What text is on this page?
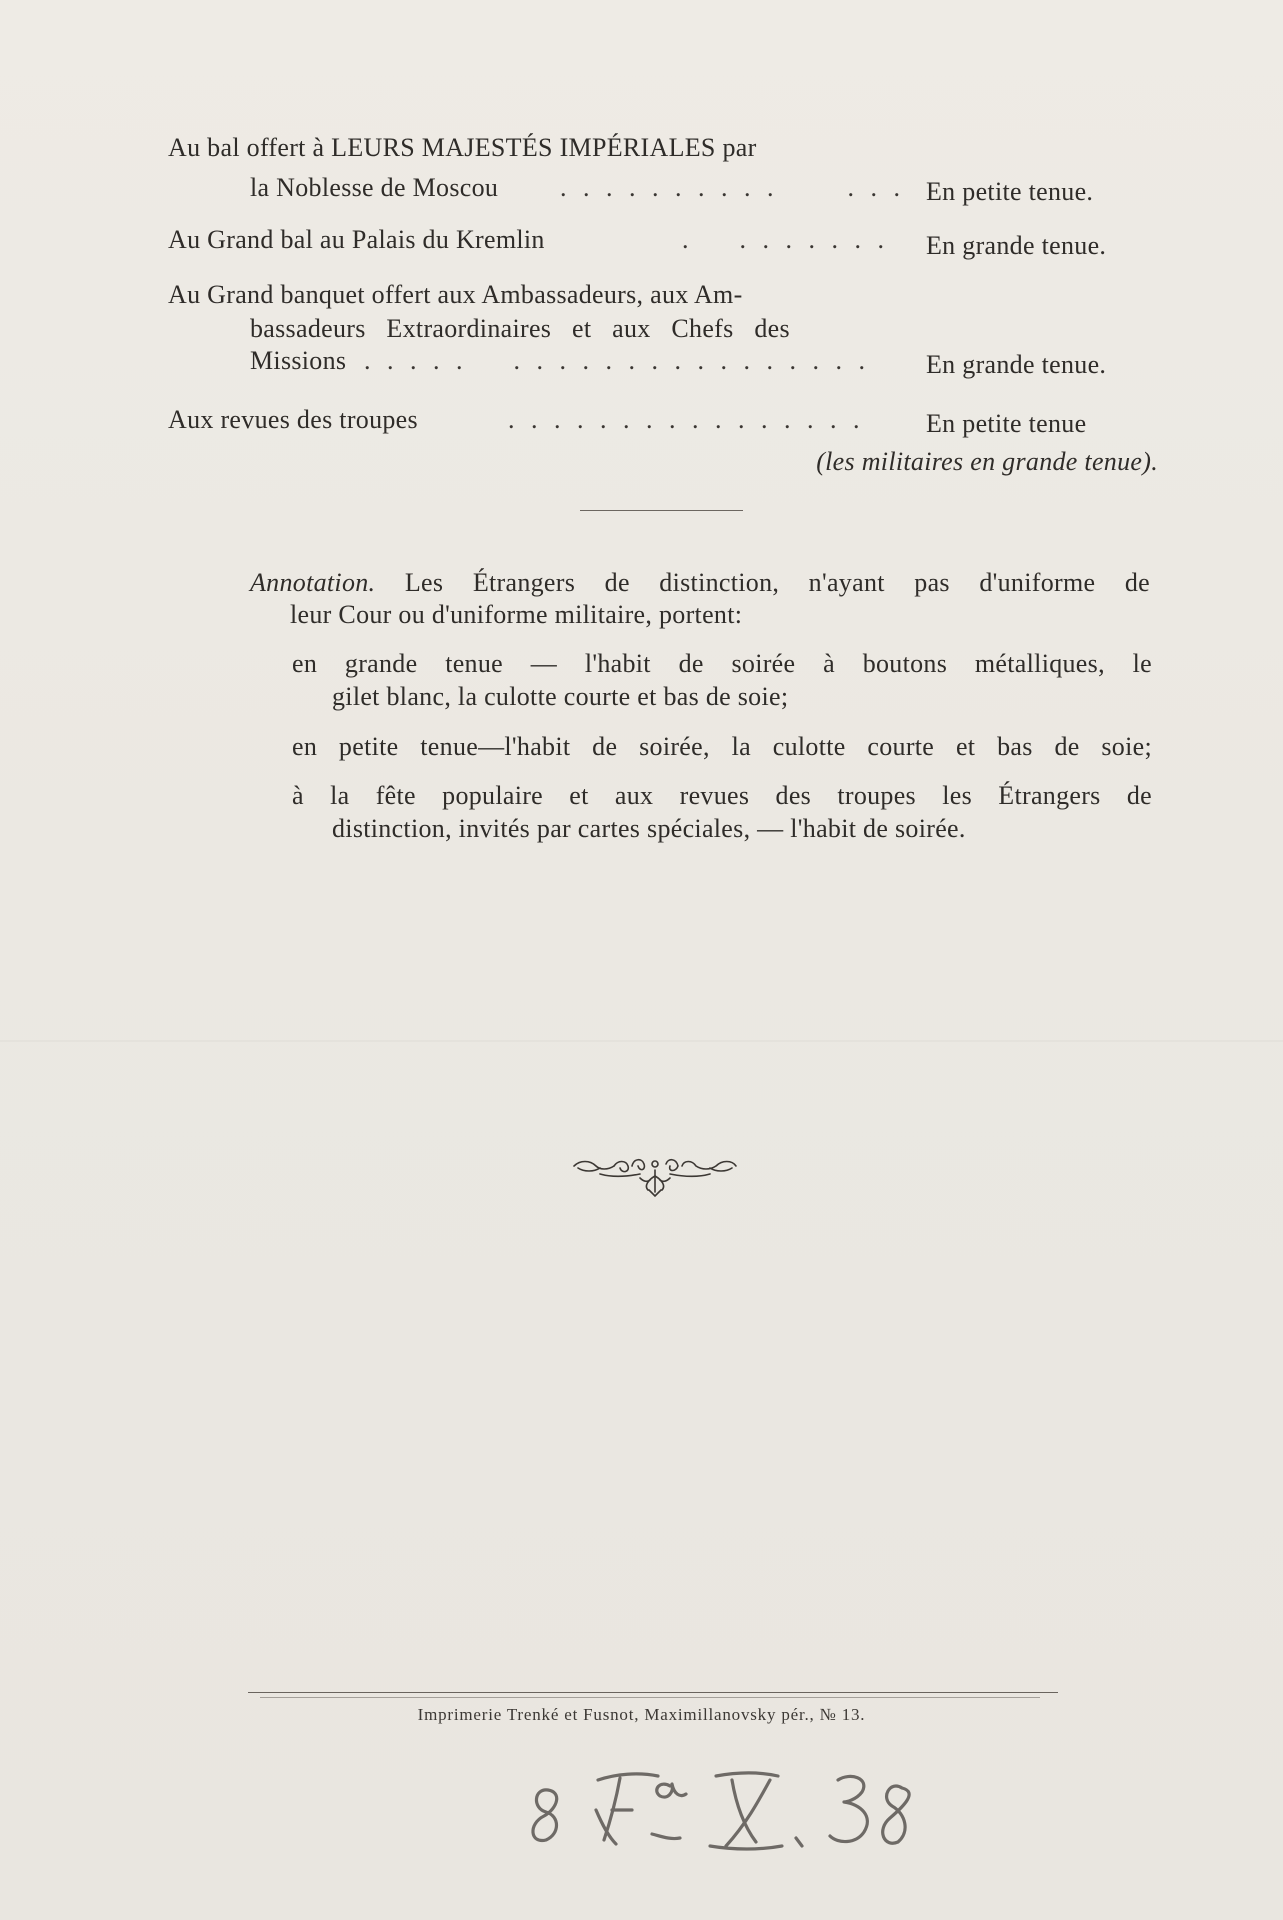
Au bal offert à LEURS MAJESTÉS IMPÉRIALES par
la Noblesse de Moscou . . . . . . . . . .      . . . En petite tenue.
Au Grand bal au Palais du Kremlin	.    . . . . . . . En grande tenue.
Au Grand banquet offert aux Ambassadeurs, aux Am-
bassadeurs Extraordinaires et aux Chefs des
Missions . . . . .    . . . . . . . . . . . . . . . . En grande tenue.
Aux revues des troupes	. . . . . . . . . . . . . . . . En petite tenue
(les militaires en grande tenue).

Annotation. Les Étrangers de distinction, n'ayant pas d'uniforme de

leur Cour ou d'uniforme militaire, portent:

en grande tenue — l'habit de soirée à boutons métalliques, le

gilet blanc, la culotte courte et bas de soie;

en petite tenue—l'habit de soirée, la culotte courte et bas de soie;

à la fête populaire et aux revues des troupes les Étrangers de

distinction, invités par cartes spéciales, — l'habit de soirée.

Imprimerie Trenké et Fusnot, Maximillanovsky pér., № 13.
